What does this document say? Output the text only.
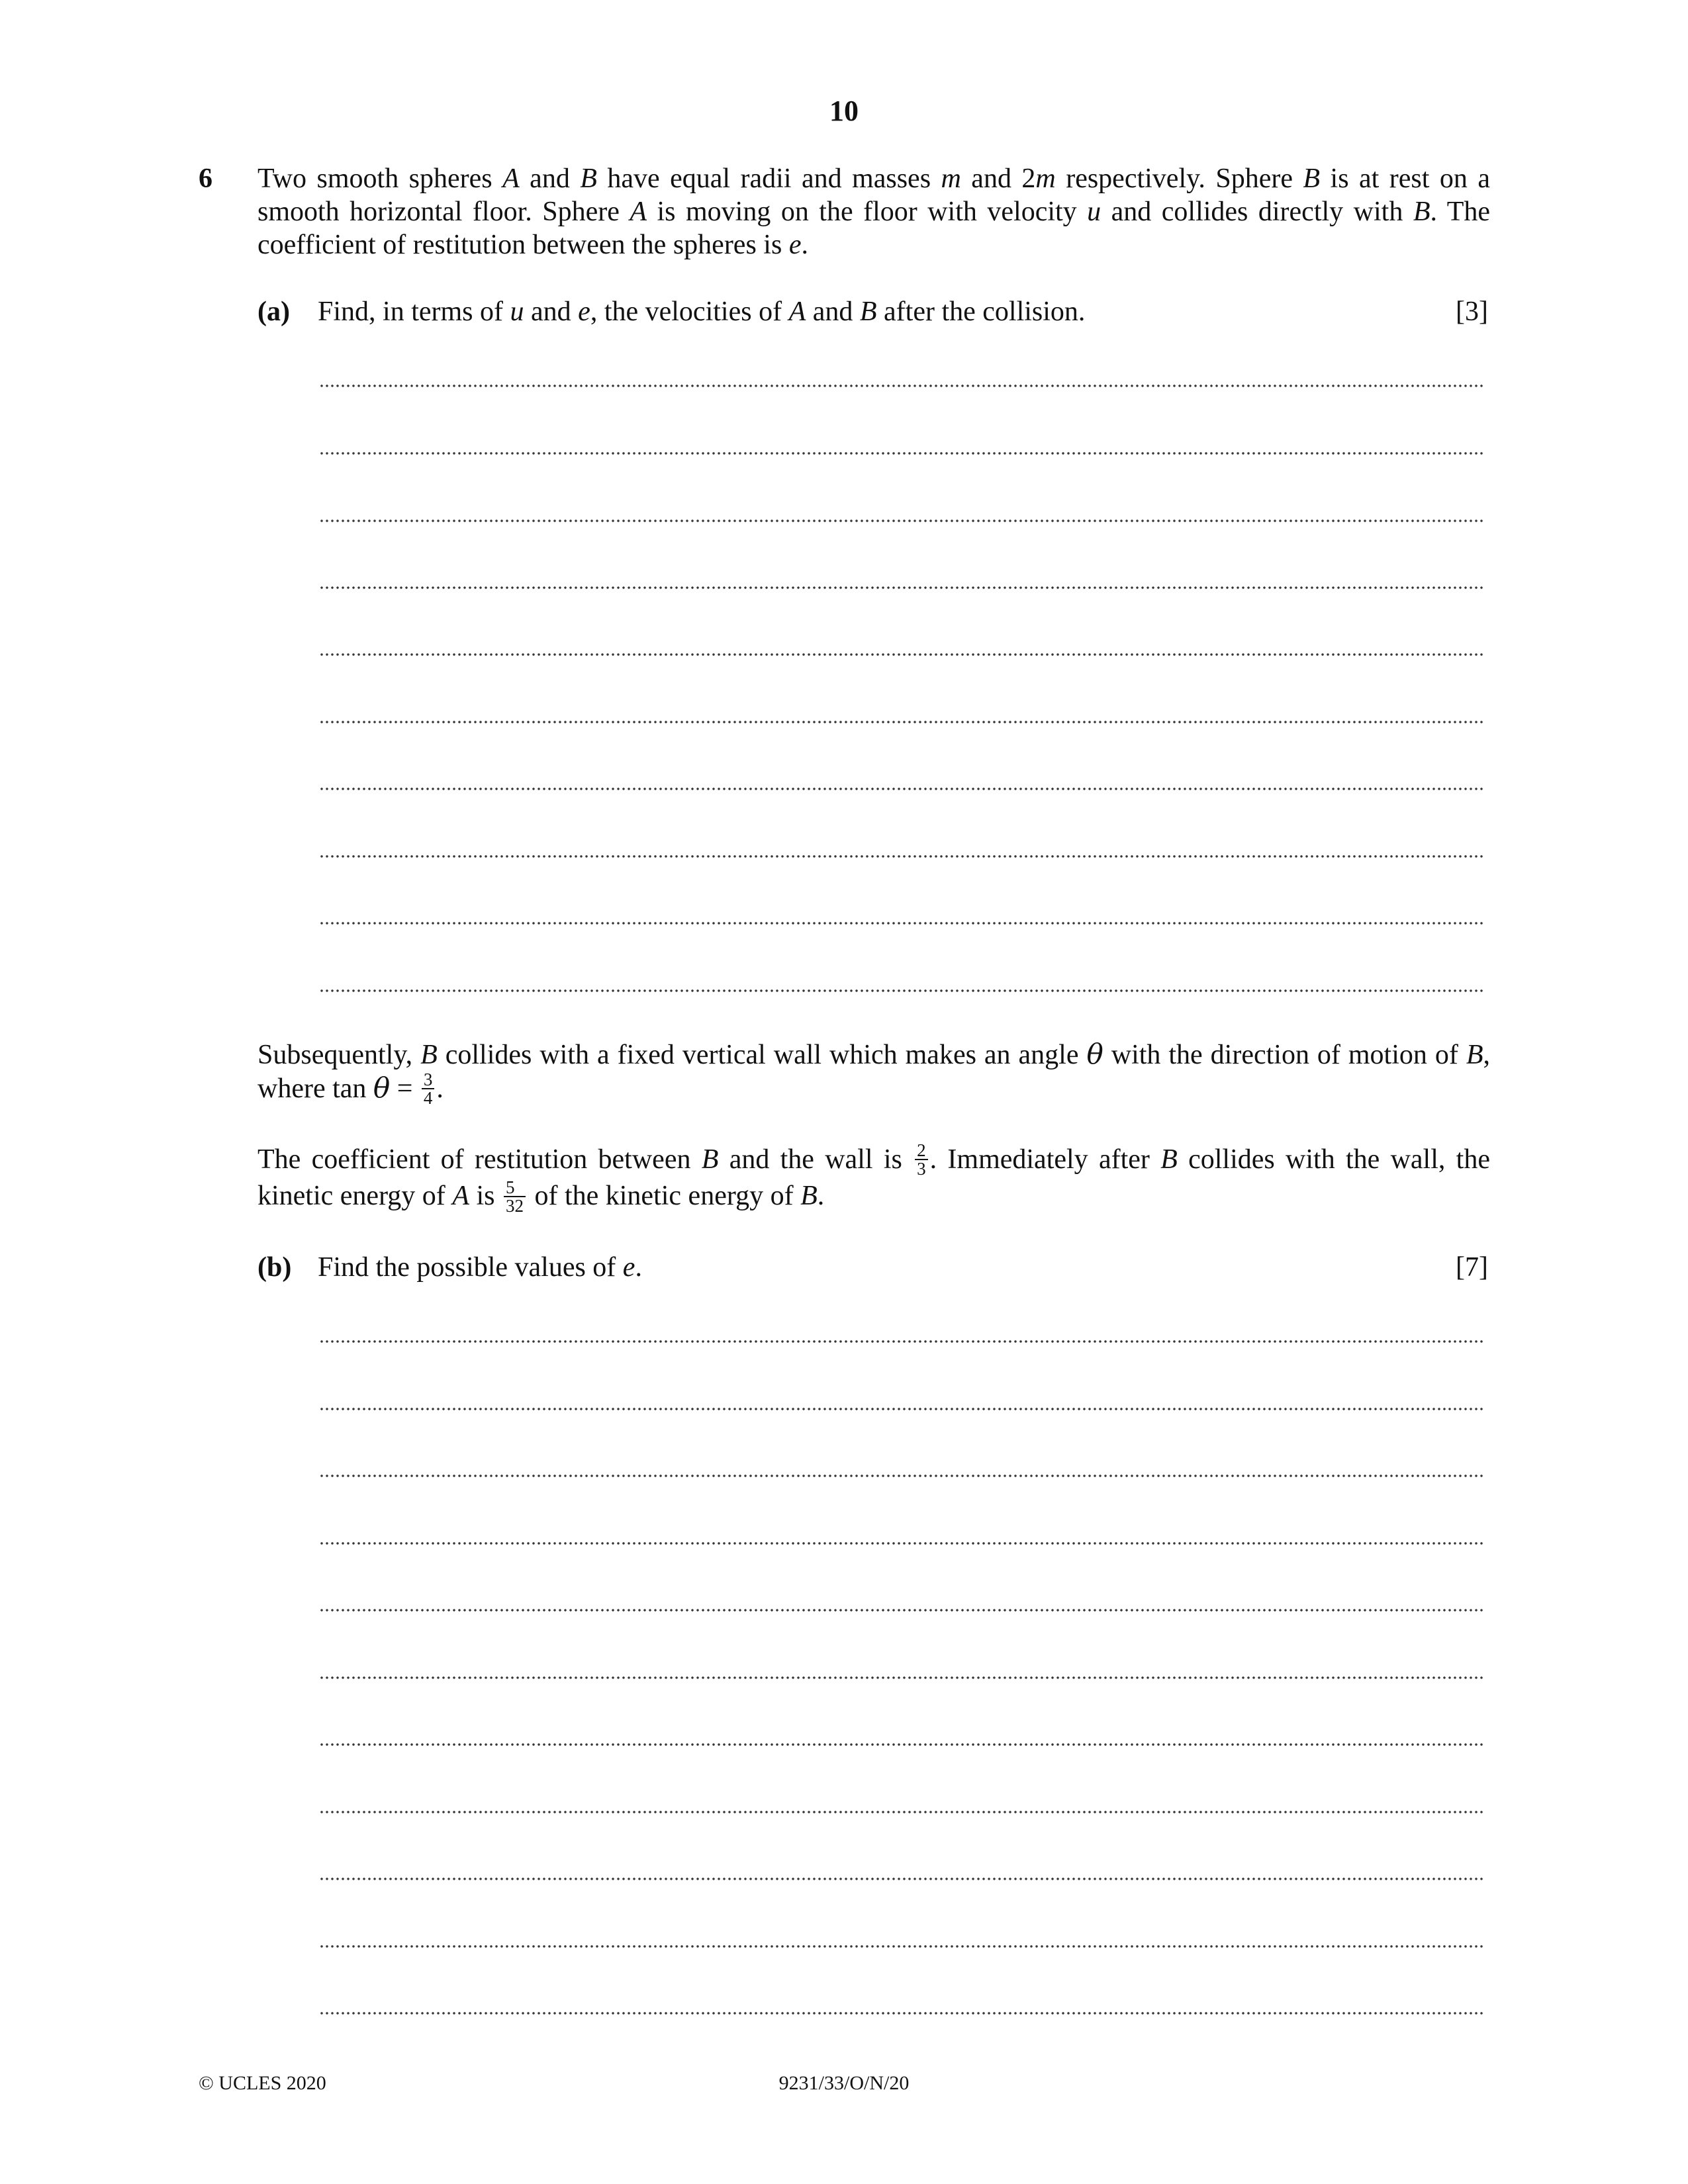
10
6 Two smooth spheres A and B have equal radii and masses m and 2m respectively. Sphere B is at rest on a smooth horizontal floor. Sphere A is moving on the floor with velocity u and collides directly with B. The coefficient of restitution between the spheres is e.
(a) Find, in terms of u and e, the velocities of A and B after the collision.	[3]
Subsequently, B collides with a fixed vertical wall which makes an angle θ with the direction of motion of B, where $\tan \theta = \frac{3}{4}$ .
The coefficient of restitution between B and the wall is $\frac{2}{3}$ . Immediately after B collides with the wall, the kinetic energy of A is $\frac{5}{32}$ of the kinetic energy of B.
(b) Find the possible values of e.	[7]
© UCLES 2020	9231/33/O/N/20
